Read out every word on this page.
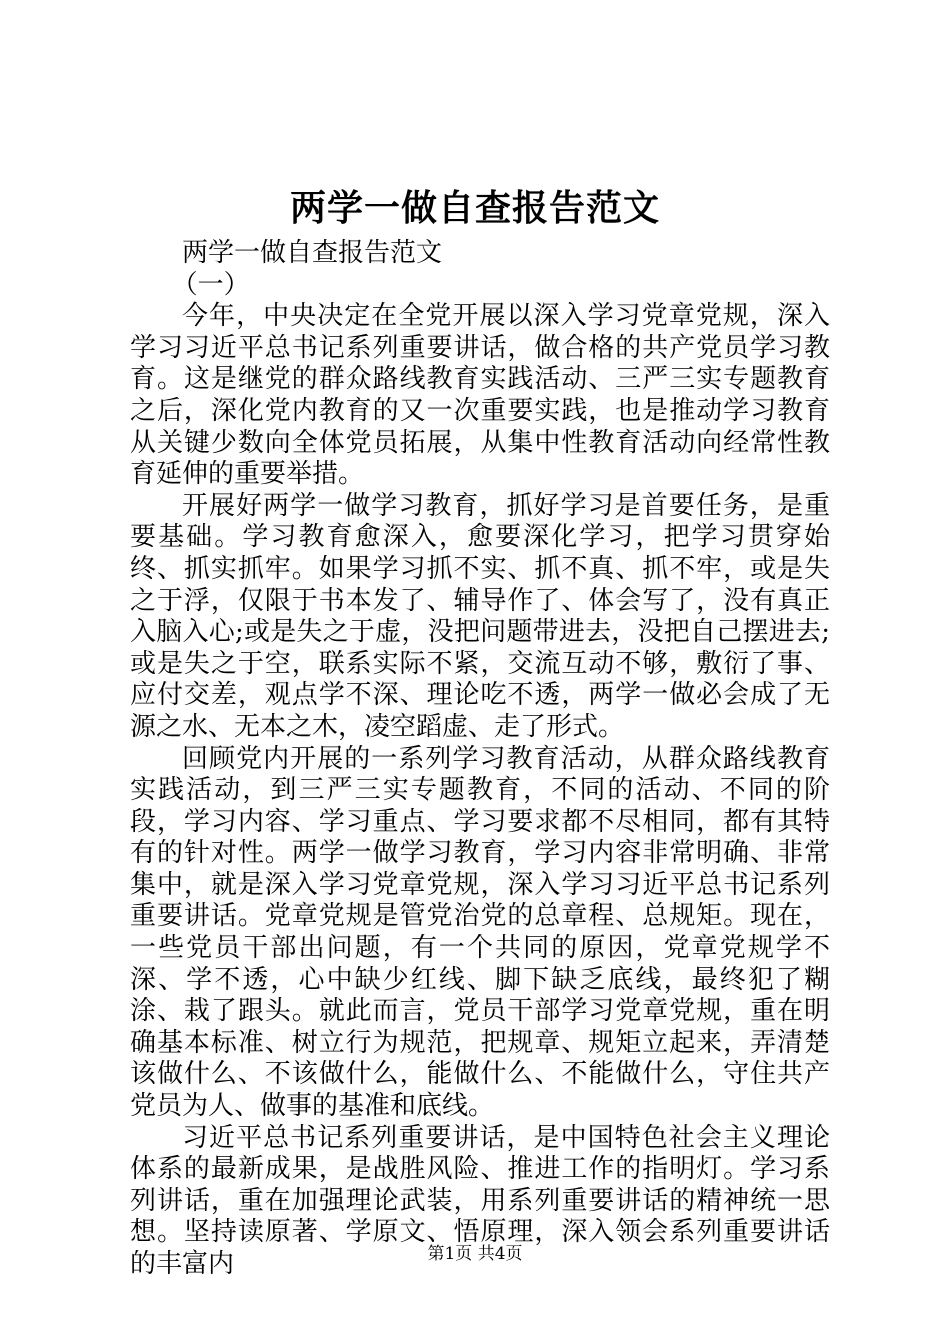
两学一做自查报告范文

两学一做自查报告范文

（一）

今年，中央决定在全党开展以深入学习党章党规，深入学习习近平总书记系列重要讲话，做合格的共产党员学习教育。这是继党的群众路线教育实践活动、三严三实专题教育之后，深化党内教育的又一次重要实践，也是推动学习教育从关键少数向全体党员拓展，从集中性教育活动向经常性教育延伸的重要举措。

开展好两学一做学习教育，抓好学习是首要任务，是重要基础。学习教育愈深入，愈要深化学习，把学习贯穿始终、抓实抓牢。如果学习抓不实、抓不真、抓不牢，或是失之于浮，仅限于书本发了、辅导作了、体会写了，没有真正入脑入心;或是失之于虚，没把问题带进去，没把自己摆进去;或是失之于空，联系实际不紧，交流互动不够，敷衍了事、应付交差，观点学不深、理论吃不透，两学一做必会成了无源之水、无本之木，凌空蹈虚、走了形式。

回顾党内开展的一系列学习教育活动，从群众路线教育实践活动，到三严三实专题教育，不同的活动、不同的阶段，学习内容、学习重点、学习要求都不尽相同，都有其特有的针对性。两学一做学习教育，学习内容非常明确、非常集中，就是深入学习党章党规，深入学习习近平总书记系列重要讲话。党章党规是管党治党的总章程、总规矩。现在，一些党员干部出问题，有一个共同的原因，党章党规学不深、学不透，心中缺少红线、脚下缺乏底线，最终犯了糊涂、栽了跟头。就此而言，党员干部学习党章党规，重在明确基本标准、树立行为规范，把规章、规矩立起来，弄清楚该做什么、不该做什么，能做什么、不能做什么，守住共产党员为人、做事的基准和底线。

习近平总书记系列重要讲话，是中国特色社会主义理论体系的最新成果，是战胜风险、推进工作的指明灯。学习系列讲话，重在加强理论武装，用系列重要讲话的精神统一思想。坚持读原著、学原文、悟原理，深入领会系列重要讲话的丰富内	第1页 共4页
